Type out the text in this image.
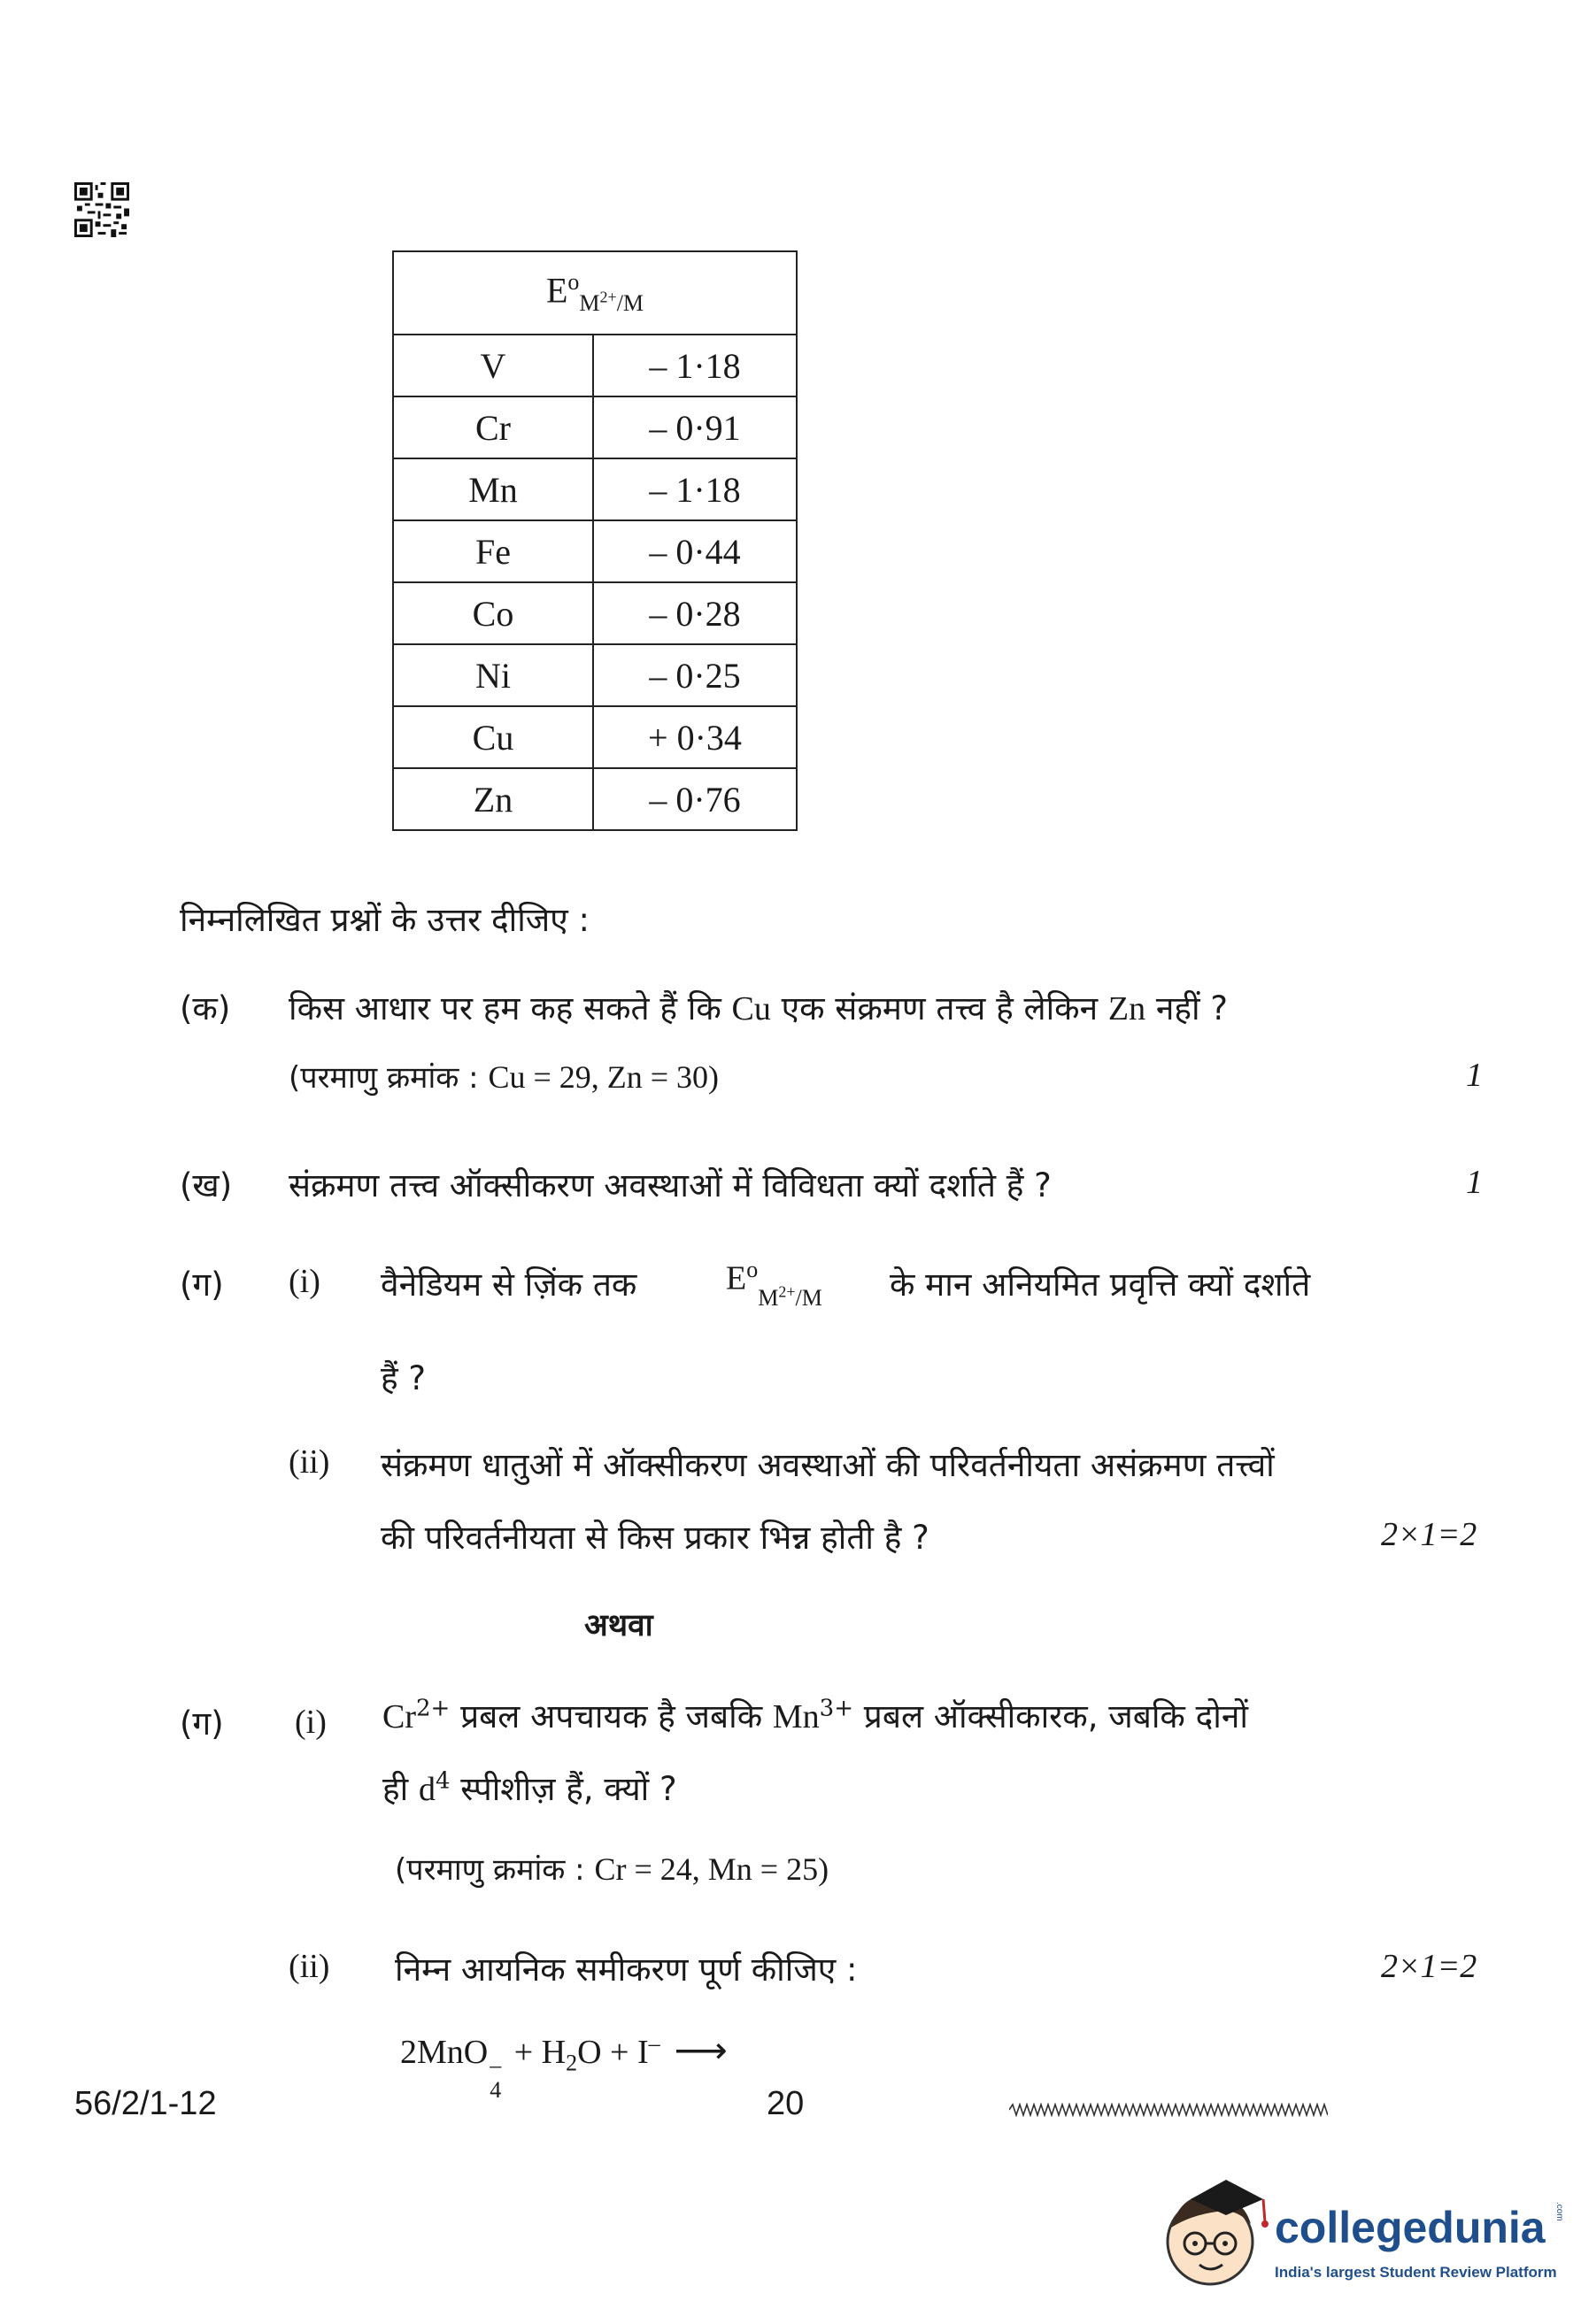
$E^o_{M^{2+}/M}$
V	– 1·18
Cr	– 0·91
Mn	– 1·18
Fe	– 0·44
Co	– 0·28
Ni	– 0·25
Cu	+ 0·34
Zn	– 0·76
निम्नलिखित प्रश्नों के उत्तर दीजिए :
(क) किस आधार पर हम कह सकते हैं कि Cu एक संक्रमण तत्त्व है लेकिन Zn नहीं ?
(परमाणु क्रमांक : Cu = 29, Zn = 30)	1
(ख) संक्रमण तत्त्व ऑक्सीकरण अवस्थाओं में विविधता क्यों दर्शाते हैं ?	1
(ग) (i) वैनेडियम से ज़िंक तक	$E^o_{M^{2+}/M}$ के मान अनियमित प्रवृत्ति क्यों दर्शाते
हैं ?
(ii) संक्रमण धातुओं में ऑक्सीकरण अवस्थाओं की परिवर्तनीयता असंक्रमण तत्त्वों
की परिवर्तनीयता से किस प्रकार भिन्न होती है ?	2×1=2
अथवा
(ग) (i) $Cr^{2+}$ प्रबल अपचायक है जबकि $Mn^{3+}$ प्रबल ऑक्सीकारक, जबकि दोनों
ही $d^4$ स्पीशीज़ हैं, क्यों ?
(परमाणु क्रमांक : Cr = 24, Mn = 25)
(ii) निम्न आयनिक समीकरण पूर्ण कीजिए :	2×1=2
2MnO –
4
+ $H_2O + I^-$ ⟶
56/2/1-12	20
collegedunia .com
India's largest Student Review Platform
